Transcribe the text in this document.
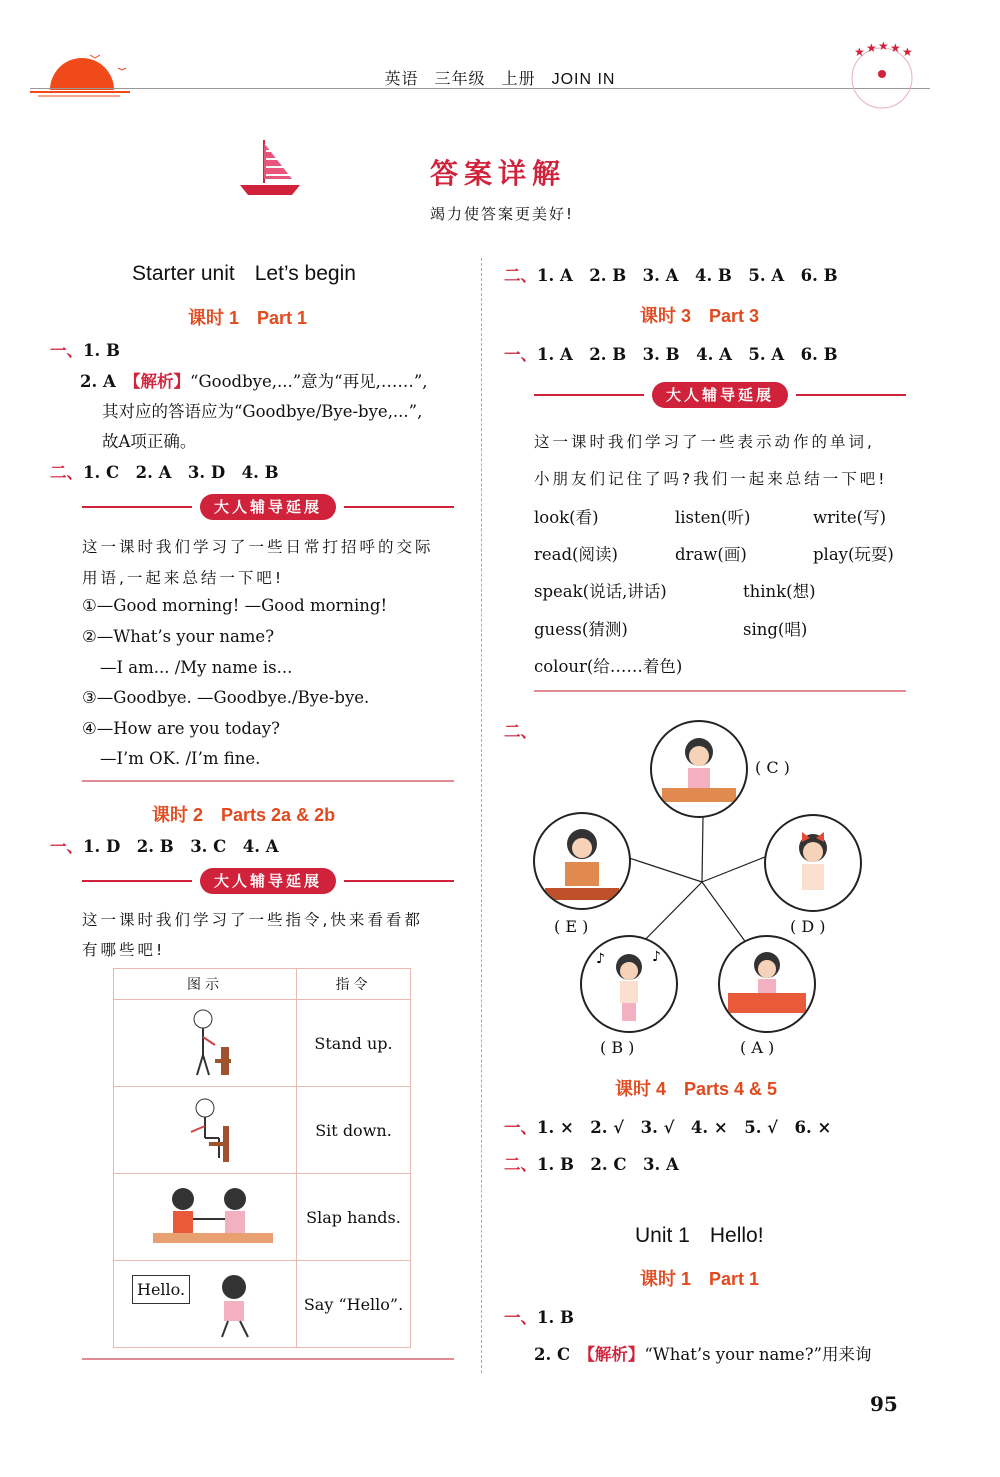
英语 三年级 上册 JOIN IN
★ ★ ★ ★ ★
答案详解
竭力使答案更美好!
Starter unit Let’s begin
课时 1 Part 1
一、1. B
2. A　 【解析】“Goodbye,...”意为“再见,……”,
其对应的答语应为“Goodbye/Bye-bye,...”,
故A项正确。
二、1. C　2. A　3. D　4. B
大人辅导延展
这一课时我们学习了一些日常打招呼的交际
用语,一起来总结一下吧!
①—Good morning! —Good morning!
②—What’s your name?
—I am... /My name is...
③—Goodbye. —Goodbye./Bye-bye.
④—How are you today?
—I’m OK. /I’m fine.
课时 2 Parts 2a & 2b
一、1. D　2. B　3. C　4. A
大人辅导延展
这一课时我们学习了一些指令,快来看看都
有哪些吧!
图示	指令
	Stand up.
	Sit down.
	Slap hands.

Hello.	Say “Hello”.
二、1. A　2. B　3. A　4. B　5. A　6. B
课时 3 Part 3
一、1. A　2. B　3. B　4. A　5. A　6. B
大人辅导延展
这一课时我们学习了一些表示动作的单词,
小朋友们记住了吗?我们一起来总结一下吧!
look(看)	listen(听)	write(写)
read(阅读)	draw(画)	play(玩耍)
speak(说话,讲话)	think(想)
guess(猜测)	sing(唱)
colour(给……着色)
二、
( C )
( D )
( A )
♪	♪
( B )
( E )
课时 4 Parts 4 & 5
一、1. ×　2. √　3. √　4. ×　5. √　6. ×
二、1. B　2. C　3. A
Unit 1 Hello!
课时 1 Part 1
一、1. B
2. C　 【解析】“What’s your name?”用来询
95
